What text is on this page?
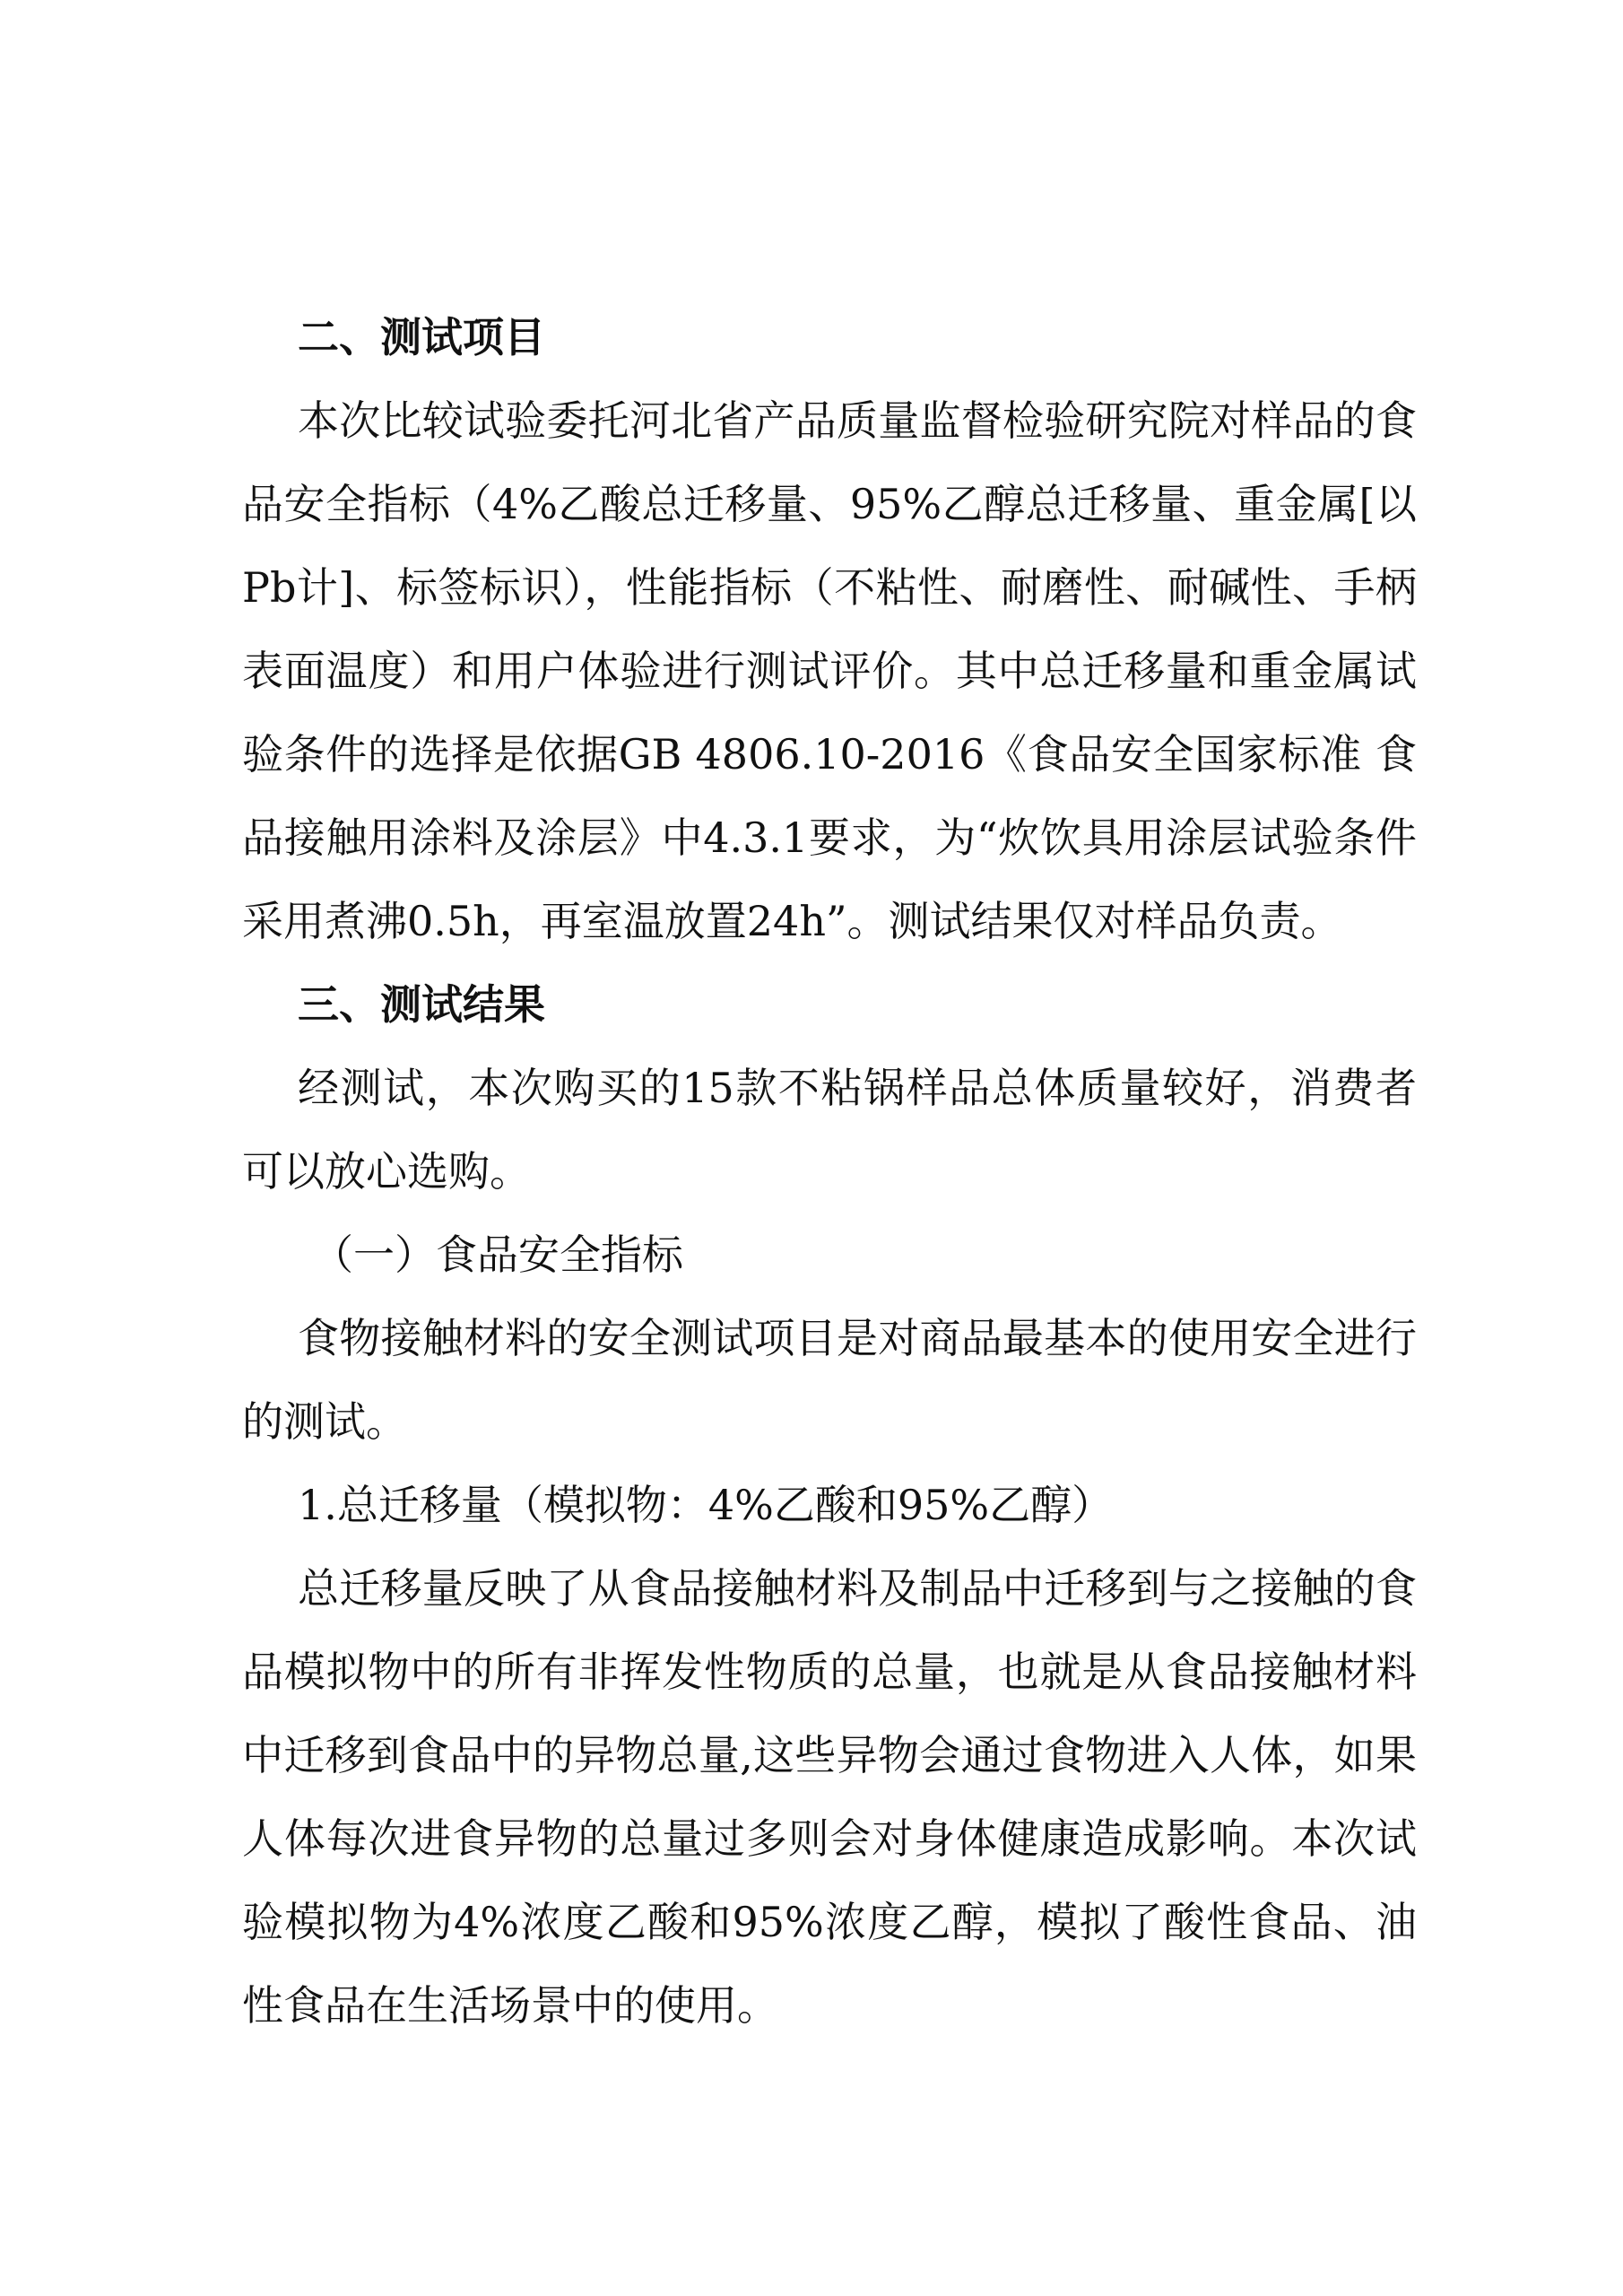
二、测试项目

本次比较试验委托河北省产品质量监督检验研究院对样品的食品安全指标（4%乙酸总迁移量、95%乙醇总迁移量、重金属[以Pb计]、标签标识），性能指标（不粘性、耐磨性、耐碱性、手柄表面温度）和用户体验进行测试评价。其中总迁移量和重金属试验条件的选择是依据GB 4806.10-2016《食品安全国家标准 食品接触用涂料及涂层》中4.3.1要求，为“炊饮具用涂层试验条件采用煮沸0.5h，再室温放置24h”。测试结果仅对样品负责。

三、测试结果

经测试，本次购买的15款不粘锅样品总体质量较好，消费者可以放心选购。

（一）食品安全指标

食物接触材料的安全测试项目是对商品最基本的使用安全进行的测试。

1.总迁移量（模拟物：4%乙酸和95%乙醇）

总迁移量反映了从食品接触材料及制品中迁移到与之接触的食品模拟物中的所有非挥发性物质的总量，也就是从食品接触材料中迁移到食品中的异物总量,这些异物会通过食物进入人体，如果人体每次进食异物的总量过多则会对身体健康造成影响。本次试验模拟物为4%浓度乙酸和95%浓度乙醇，模拟了酸性食品、油性食品在生活场景中的使用。
